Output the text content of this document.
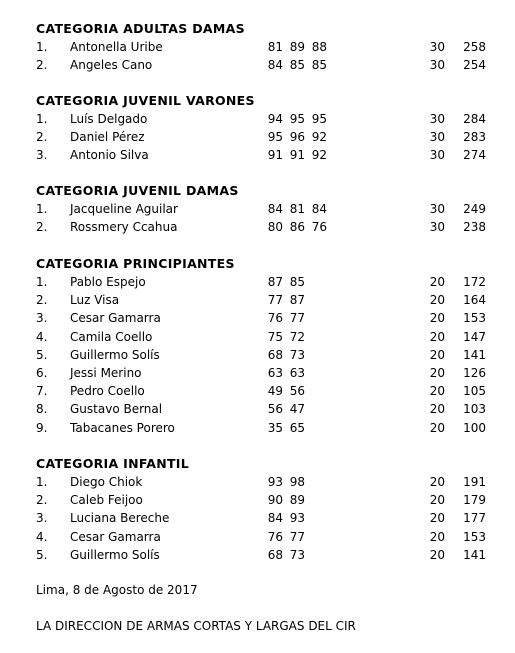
Lima, 8 de Agosto de 2017
LA DIRECCION DE ARMAS CORTAS Y LARGAS DEL CIR
CATEGORIA ADULTAS DAMAS
1. Antonella Uribe	81 89 88	30	258
2. Angeles Cano	84 85 85	30	254
CATEGORIA JUVENIL VARONES
1. Luís Delgado	94 95 95	30	284
2. Daniel Pérez	95 96 92	30	283
3. Antonio Silva	91 91 92	30	274
CATEGORIA JUVENIL DAMAS
1. Jacqueline Aguilar	84 81 84	30	249
2. Rossmery Ccahua	80 86 76	30	238
CATEGORIA PRINCIPIANTES
1. Pablo Espejo	87 85	20	172
2. Luz Visa	77 87	20	164
3. Cesar Gamarra	76 77	20	153
4. Camila Coello	75 72	20	147
5. Guillermo Solís	68 73	20	141
6. Jessi Merino	63 63	20	126
7. Pedro Coello	49 56	20	105
8. Gustavo Bernal	56 47	20	103
9. Tabacanes Porero	35 65	20	100
CATEGORIA INFANTIL
1. Diego Chiok	93 98	20	191
2. Caleb Feijoo	90 89	20	179
3. Luciana Bereche	84 93	20	177
4. Cesar Gamarra	76 77	20	153
5. Guillermo Solís	68 73	20	141
